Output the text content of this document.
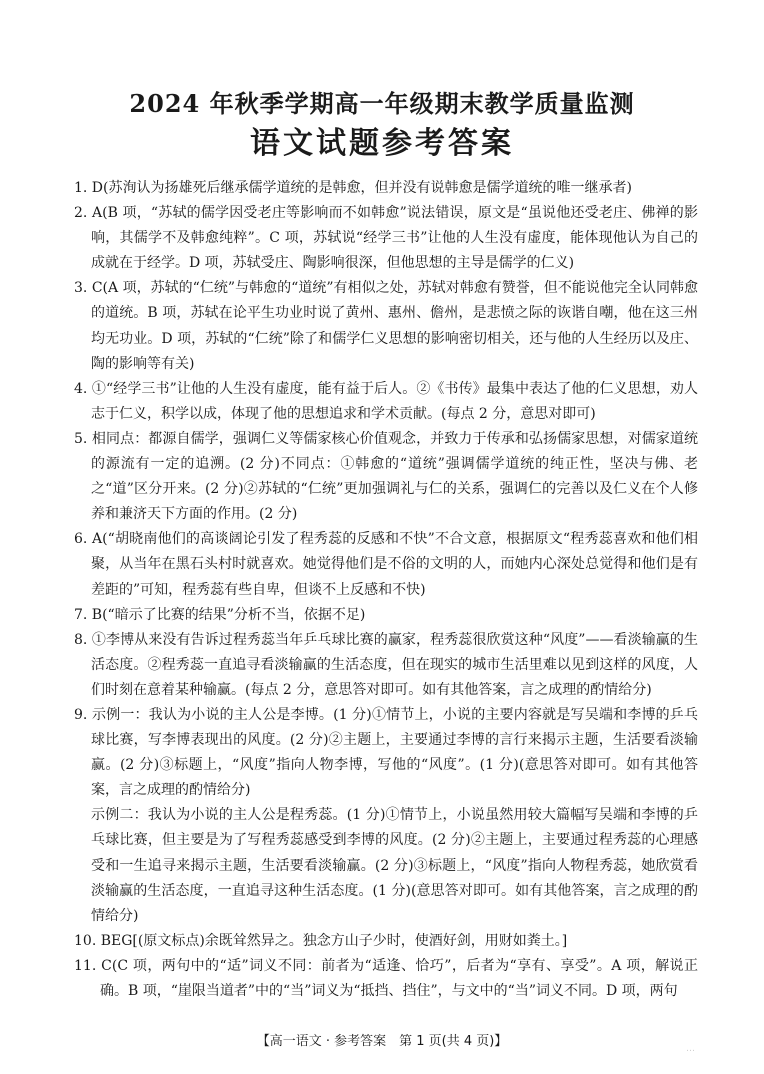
2024 年秋季学期高一年级期末教学质量监测
语文试题参考答案
1. D(苏洵认为扬雄死后继承儒学道统的是韩愈，但并没有说韩愈是儒学道统的唯一继承者)
2. A(B 项，“苏轼的儒学因受老庄等影响而不如韩愈”说法错误，原文是“虽说他还受老庄、佛禅的影响，其儒学不及韩愈纯粹”。C 项，苏轼说“经学三书”让他的人生没有虚度，能体现他认为自己的成就在于经学。D 项，苏轼受庄、陶影响很深，但他思想的主导是儒学的仁义)
3. C(A 项，苏轼的“仁统”与韩愈的“道统”有相似之处，苏轼对韩愈有赞誉，但不能说他完全认同韩愈的道统。B 项，苏轼在论平生功业时说了黄州、惠州、儋州，是悲愤之际的诙谐自嘲，他在这三州均无功业。D 项，苏轼的“仁统”除了和儒学仁义思想的影响密切相关，还与他的人生经历以及庄、陶的影响等有关)
4. ①“经学三书”让他的人生没有虚度，能有益于后人。②《书传》最集中表达了他的仁义思想，劝人志于仁义，积学以成，体现了他的思想追求和学术贡献。(每点 2 分，意思对即可)
5. 相同点：都源自儒学，强调仁义等儒家核心价值观念，并致力于传承和弘扬儒家思想，对儒家道统的源流有一定的追溯。(2 分)不同点：①韩愈的“道统”强调儒学道统的纯正性，坚决与佛、老之“道”区分开来。(2 分)②苏轼的“仁统”更加强调礼与仁的关系，强调仁的完善以及仁义在个人修养和兼济天下方面的作用。(2 分)
6. A(“胡晓南他们的高谈阔论引发了程秀蕊的反感和不快”不合文意，根据原文“程秀蕊喜欢和他们相聚，从当年在黑石头村时就喜欢。她觉得他们是不俗的文明的人，而她内心深处总觉得和他们是有差距的”可知，程秀蕊有些自卑，但谈不上反感和不快)
7. B(“暗示了比赛的结果”分析不当，依据不足)
8. ①李博从来没有告诉过程秀蕊当年乒乓球比赛的赢家，程秀蕊很欣赏这种“风度”——看淡输赢的生活态度。②程秀蕊一直追寻看淡输赢的生活态度，但在现实的城市生活里难以见到这样的风度，人们时刻在意着某种输赢。(每点 2 分，意思答对即可。如有其他答案，言之成理的酌情给分)
9. 示例一：我认为小说的主人公是李博。(1 分)①情节上，小说的主要内容就是写吴端和李博的乒乓球比赛，写李博表现出的风度。(2 分)②主题上，主要通过李博的言行来揭示主题，生活要看淡输赢。(2 分)③标题上，“风度”指向人物李博，写他的“风度”。(1 分)(意思答对即可。如有其他答案，言之成理的酌情给分)
示例二：我认为小说的主人公是程秀蕊。(1 分)①情节上，小说虽然用较大篇幅写吴端和李博的乒乓球比赛，但主要是为了写程秀蕊感受到李博的风度。(2 分)②主题上，主要通过程秀蕊的心理感受和一生追寻来揭示主题，生活要看淡输赢。(2 分)③标题上，“风度”指向人物程秀蕊，她欣赏看淡输赢的生活态度，一直追寻这种生活态度。(1 分)(意思答对即可。如有其他答案，言之成理的酌情给分)
10. BEG[(原文标点)余既耸然异之。独念方山子少时，使酒好剑，用财如粪土。]
11. C(C 项，两句中的“适”词义不同：前者为“适逢、恰巧”，后者为“享有、享受”。A 项，解说正确。B 项，“崖限当道者”中的“当”词义为“抵挡、挡住”，与文中的“当”词义不同。D 项，两句
【高一语文 · 参考答案　第 1 页(共 4 页)】	…
